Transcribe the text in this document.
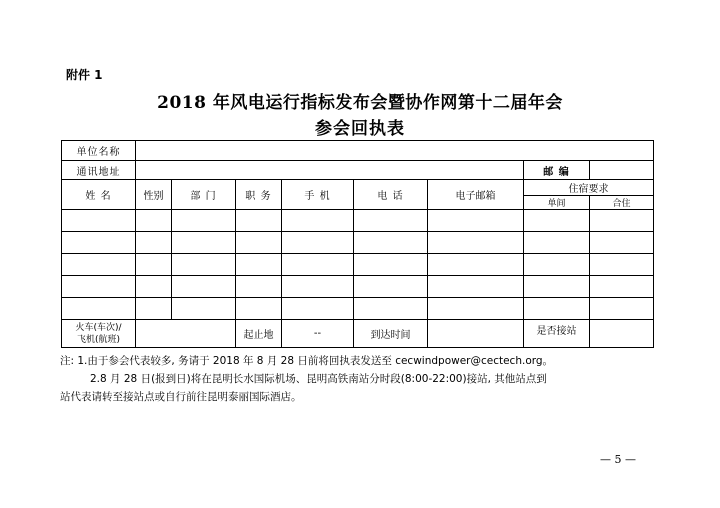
附件 1
2018 年风电运行指标发布会暨协作网第十二届年会
参会回执表
单位名称								
通讯地址							邮 编	
姓 名	性别	部 门	职 务	手 机	电 话	电子邮箱	住宿要求	
							单间	合住

火车(车次)/
飞机(航班)			起止地	--	到达时间		是否接站	
注: 1.由于参会代表较多, 务请于 2018 年 8 月 28 日前将回执表发送至 cecwindpower@cectech.org。
2.8 月 28 日(报到日)将在昆明长水国际机场、昆明高铁南站分时段(8:00-22:00)接站, 其他站点到
站代表请转至接站点或自行前往昆明泰丽国际酒店。
— 5 —
